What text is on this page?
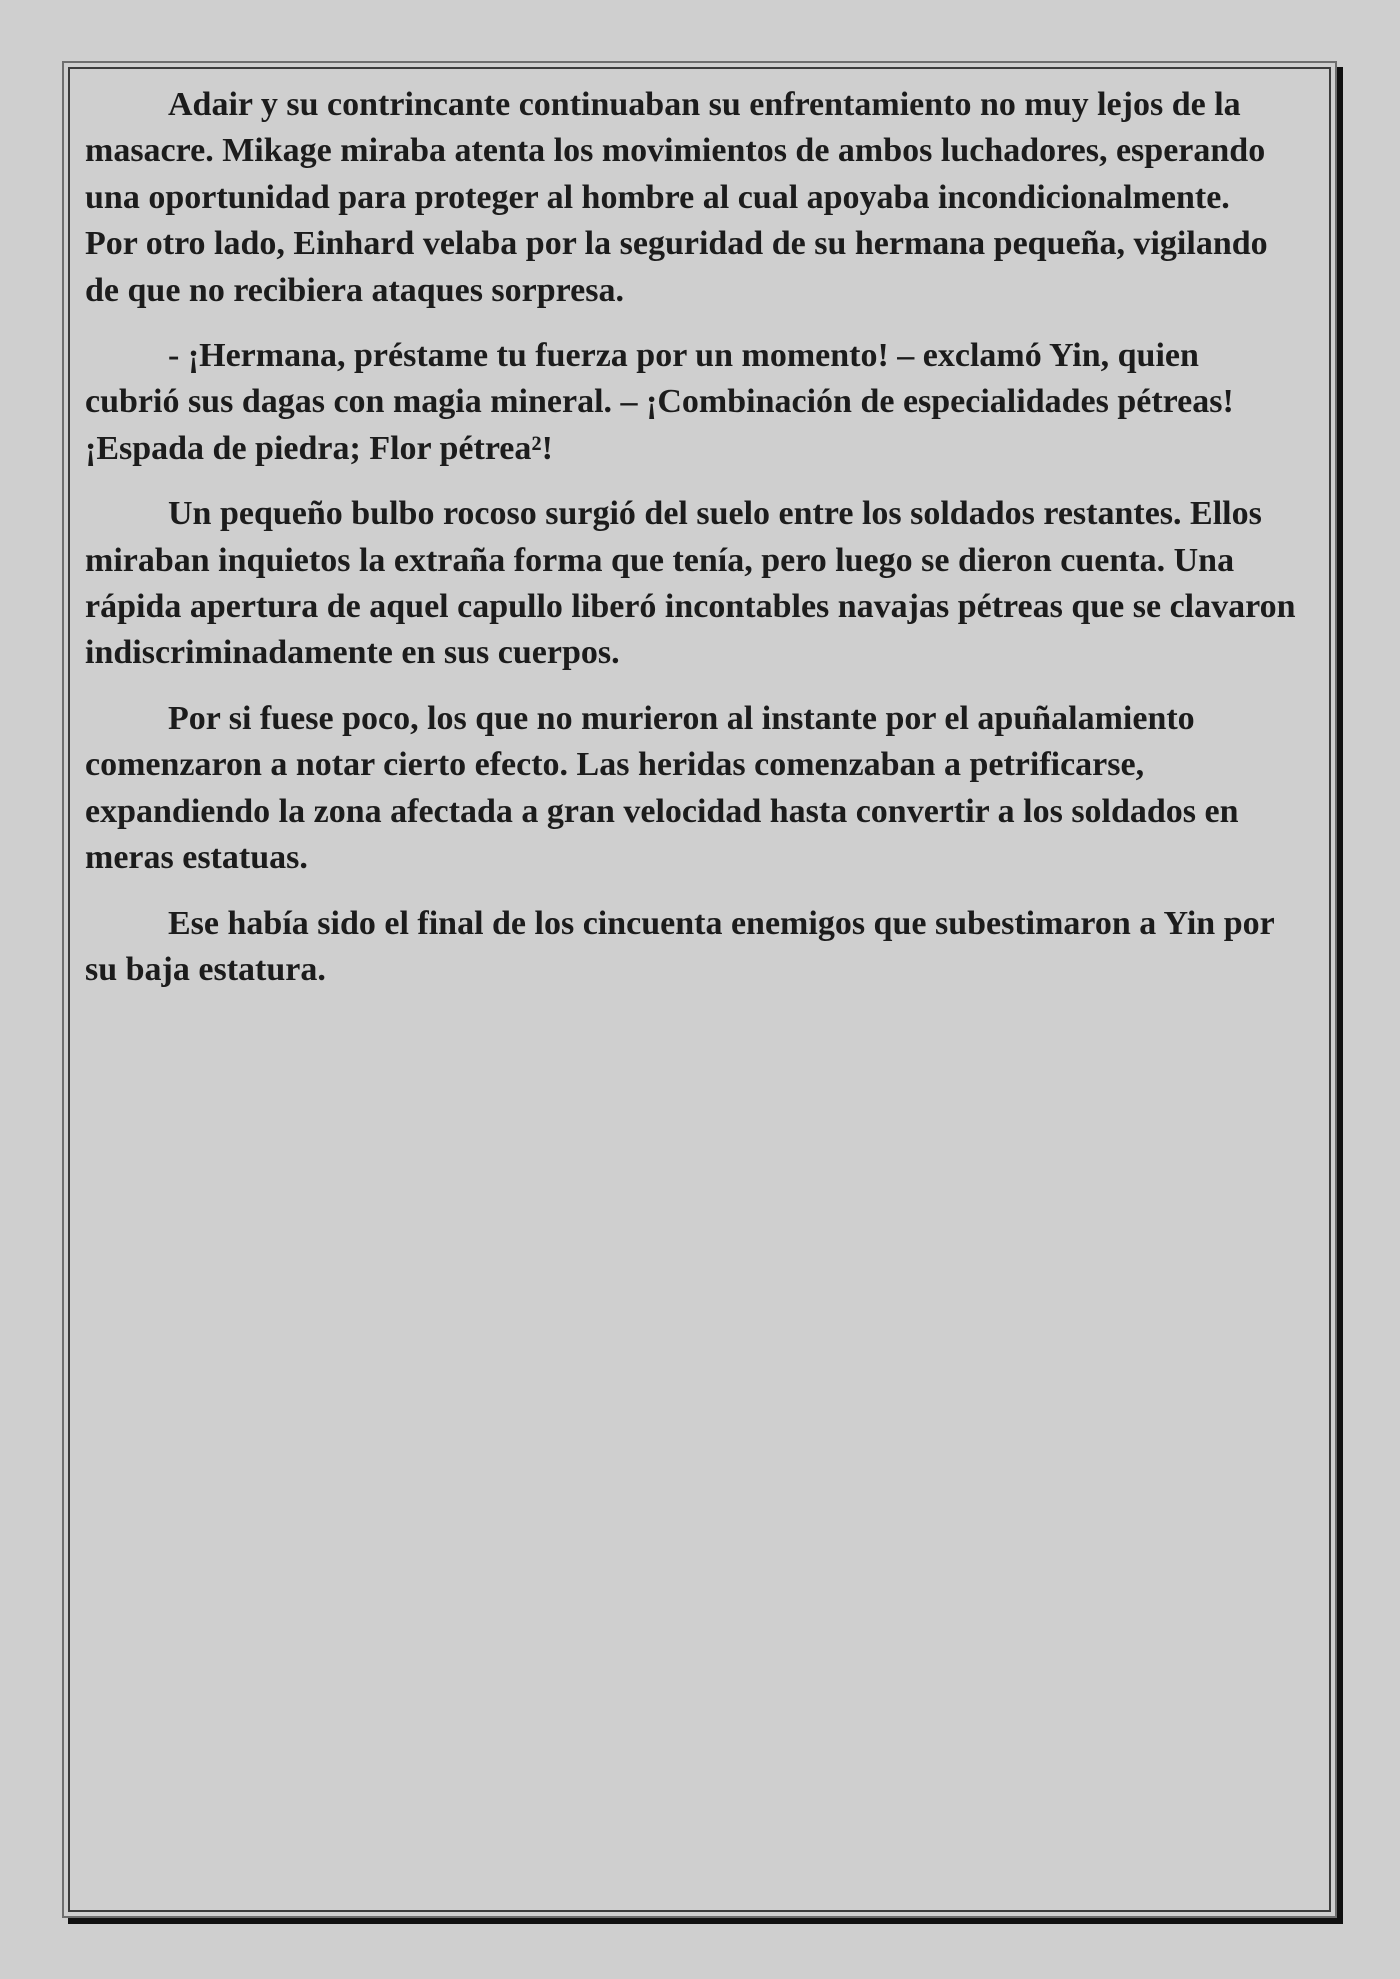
Adair y su contrincante continuaban su enfrentamiento no muy lejos de la
masacre. Mikage miraba atenta los movimientos de ambos luchadores, esperando
una oportunidad para proteger al hombre al cual apoyaba incondicionalmente.
Por otro lado, Einhard velaba por la seguridad de su hermana pequeña, vigilando
de que no recibiera ataques sorpresa.

- ¡Hermana, préstame tu fuerza por un momento! – exclamó Yin, quien
cubrió sus dagas con magia mineral. – ¡Combinación de especialidades pétreas!
¡Espada de piedra; Flor pétrea²!

Un pequeño bulbo rocoso surgió del suelo entre los soldados restantes. Ellos
miraban inquietos la extraña forma que tenía, pero luego se dieron cuenta. Una
rápida apertura de aquel capullo liberó incontables navajas pétreas que se clavaron
indiscriminadamente en sus cuerpos.

Por si fuese poco, los que no murieron al instante por el apuñalamiento
comenzaron a notar cierto efecto. Las heridas comenzaban a petrificarse,
expandiendo la zona afectada a gran velocidad hasta convertir a los soldados en
meras estatuas.

Ese había sido el final de los cincuenta enemigos que subestimaron a Yin por
su baja estatura.
